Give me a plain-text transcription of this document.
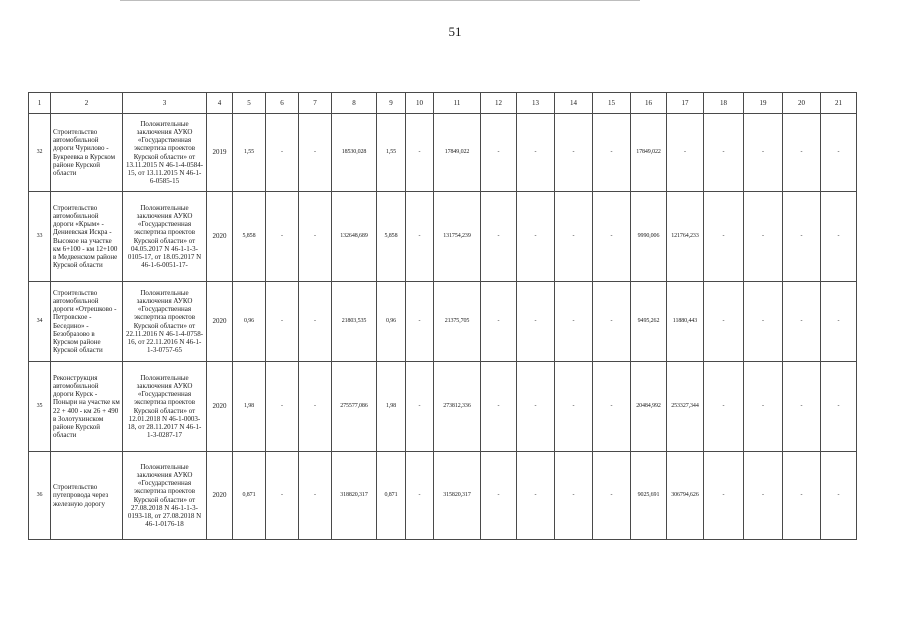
51
1	2	3	4	5	6	7	8	9	10	11	12	13	14	15	16	17	18	19	20	21
32	Строительство автомобильной дороги Чурилово - Букреевка в Курском районе Курской области	Положительные заключения АУКО «Государственная экспертиза проектов Курской области» от 13.11.2015 N 46-1-4-0584-15, от 13.11.2015 N 46-1-6-0585-15	2019	1,55	-	-	18530,028	1,55	-	17849,022	-	-	-	-	17849,022	-	-	-	-	-
33	Строительство автомобильной дороги «Крым» - Дениевская Искра - Высокое на участке км 6+100 - км 12+100 в Медвенском районе Курской области	Положительные заключения АУКО «Государственная экспертиза проектов Курской области» от 04.05.2017 N 46-1-1-3-0105-17, от 18.05.2017 N 46-1-6-0051-17-	2020	5,858	-	-	132648,689	5,858	-	131754,239	-	-	-	-	9990,006	121764,233	-	-	-	-
34	Строительство автомобильной дороги «Отрешково - Петровское - Беседино» - Безобразово в Курском районе Курской области	Положительные заключения АУКО «Государственная экспертиза проектов Курской области» от 22.11.2016 N 46-1-4-0758-16, от 22.11.2016 N 46-1-1-3-0757-65	2020	0,96	-	-	21803,535	0,96	-	21375,705	-	-	-	-	9495,262	11880,443	-	-	-	-
35	Реконструкция автомобильной дороги Курск - Поныри на участке км 22 + 400 - км 26 + 490 в Золотухинском районе Курской области	Положительные заключения АУКО «Государственная экспертиза проектов Курской области» от 12.01.2018 N 46-1-0003-18, от 28.11.2017 N 46-1-1-3-0287-17	2020	1,98	-	-	275577,086	1,98	-	273812,336	-	-	-	-	20484,992	253327,344	-	-	-	-
36	Строительство путепровода через железную дорогу	Положительные заключения АУКО «Государственная экспертиза проектов Курской области» от 27.08.2018 N 46-1-1-3-0193-18, от 27.08.2018 N 46-1-0176-18	2020	0,871	-	-	318820,317	0,871	-	315820,317	-	-	-	-	9025,691	306794,626	-	-	-	-
